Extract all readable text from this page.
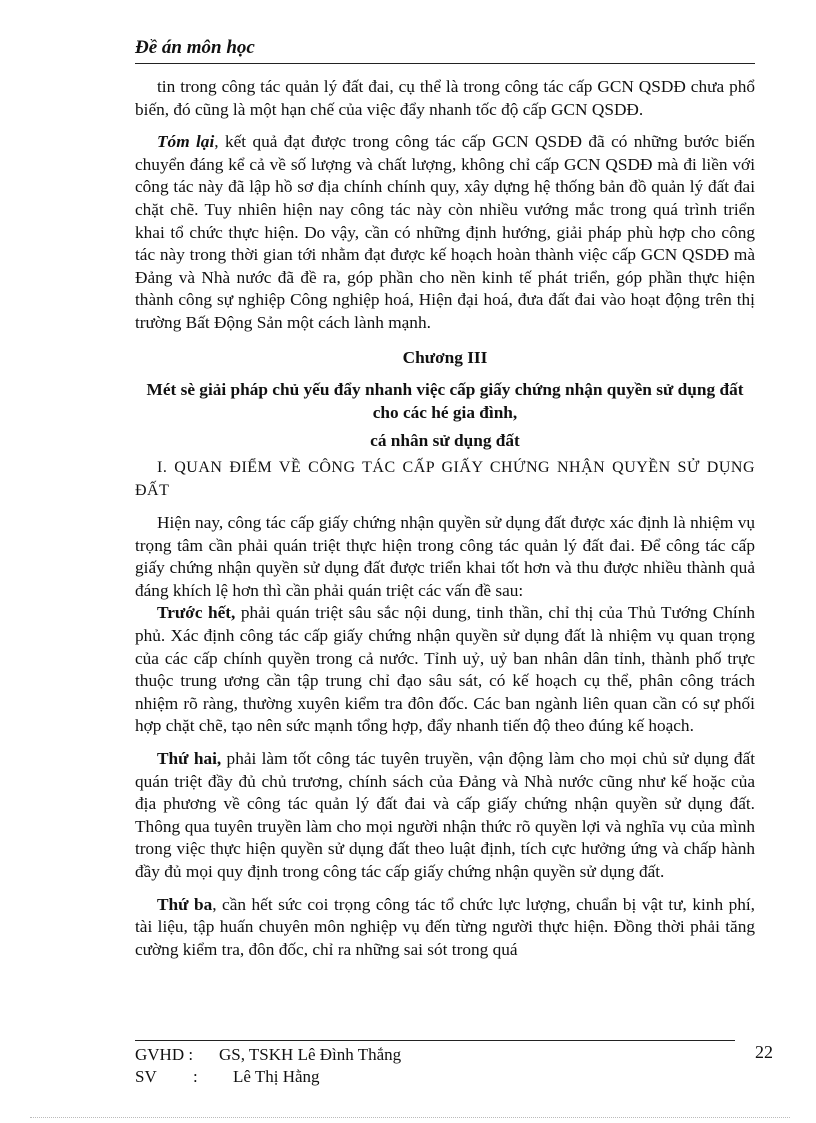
Đề án môn học

tin trong công tác quản lý đất đai, cụ thể là trong công tác cấp GCN QSDĐ chưa phổ biến, đó cũng là một hạn chế của việc đẩy nhanh tốc độ cấp GCN QSDĐ.

Tóm lại, kết quả đạt được trong công tác cấp GCN QSDĐ đã có những bước biến chuyển đáng kể cả về số lượng và chất lượng, không chỉ cấp GCN QSDĐ mà đi liền với công tác này đã lập hồ sơ địa chính chính quy, xây dựng hệ thống bản đồ quản lý đất đai chặt chẽ. Tuy nhiên hiện nay công tác này còn nhiều vướng mắc trong quá trình triển khai tổ chức thực hiện. Do vậy, cần có những định hướng, giải pháp phù hợp cho công tác này trong thời gian tới nhằm đạt được kế hoạch hoàn thành việc cấp GCN QSDĐ mà Đảng và Nhà nước đã đề ra, góp phần cho nền kinh tế phát triển, góp phần thực hiện thành công sự nghiệp Công nghiệp hoá, Hiện đại hoá, đưa đất đai vào hoạt động trên thị trường Bất Động Sản một cách lành mạnh.

Chương III

Mét sè giải pháp chủ yếu đẩy nhanh việc cấp giấy chứng nhận quyền sử dụng đất cho các hé gia đình,

cá nhân sử dụng đất

I. QUAN ĐIỂM VỀ CÔNG TÁC CẤP GIẤY CHỨNG NHẬN QUYỀN SỬ DỤNG ĐẤT

Hiện nay, công tác cấp giấy chứng nhận quyền sử dụng đất được xác định là nhiệm vụ trọng tâm cần phải quán triệt thực hiện trong công tác quản lý đất đai. Để công tác cấp giấy chứng nhận quyền sử dụng đất được triển khai tốt hơn và thu được nhiều thành quả đáng khích lệ hơn thì cần phải quán triệt các vấn đề sau:

Trước hết, phải quán triệt sâu sắc nội dung, tinh thần, chỉ thị của Thủ Tướng Chính phủ. Xác định công tác cấp giấy chứng nhận quyền sử dụng đất là nhiệm vụ quan trọng của các cấp chính quyền trong cả nước. Tỉnh uỷ, uỷ ban nhân dân tỉnh, thành phố trực thuộc trung ương cần tập trung chỉ đạo sâu sát, có kế hoạch cụ thể, phân công trách nhiệm rõ ràng, thường xuyên kiểm tra đôn đốc. Các ban ngành liên quan cần có sự phối hợp chặt chẽ, tạo nên sức mạnh tổng hợp, đẩy nhanh tiến độ theo đúng kế hoạch.

Thứ hai, phải làm tốt công tác tuyên truyền, vận động làm cho mọi chủ sử dụng đất quán triệt đầy đủ chủ trương, chính sách của Đảng và Nhà nước cũng như kế hoặc của địa phương về công tác quản lý đất đai và cấp giấy chứng nhận quyền sử dụng đất. Thông qua tuyên truyền làm cho mọi người nhận thức rõ quyền lợi và nghĩa vụ của mình trong việc thực hiện quyền sử dụng đất theo luật định, tích cực hưởng ứng và chấp hành đầy đủ mọi quy định trong công tác cấp giấy chứng nhận quyền sử dụng đất.

Thứ ba, cần hết sức coi trọng công tác tổ chức lực lượng, chuẩn bị vật tư, kinh phí, tài liệu, tập huấn chuyên môn nghiệp vụ đến từng người thực hiện. Đồng thời phải tăng cường kiểm tra, đôn đốc, chỉ ra những sai sót trong quá

GVHD :	GS, TSKH Lê Đình Thắng
SV	:	Lê Thị Hằng
22
